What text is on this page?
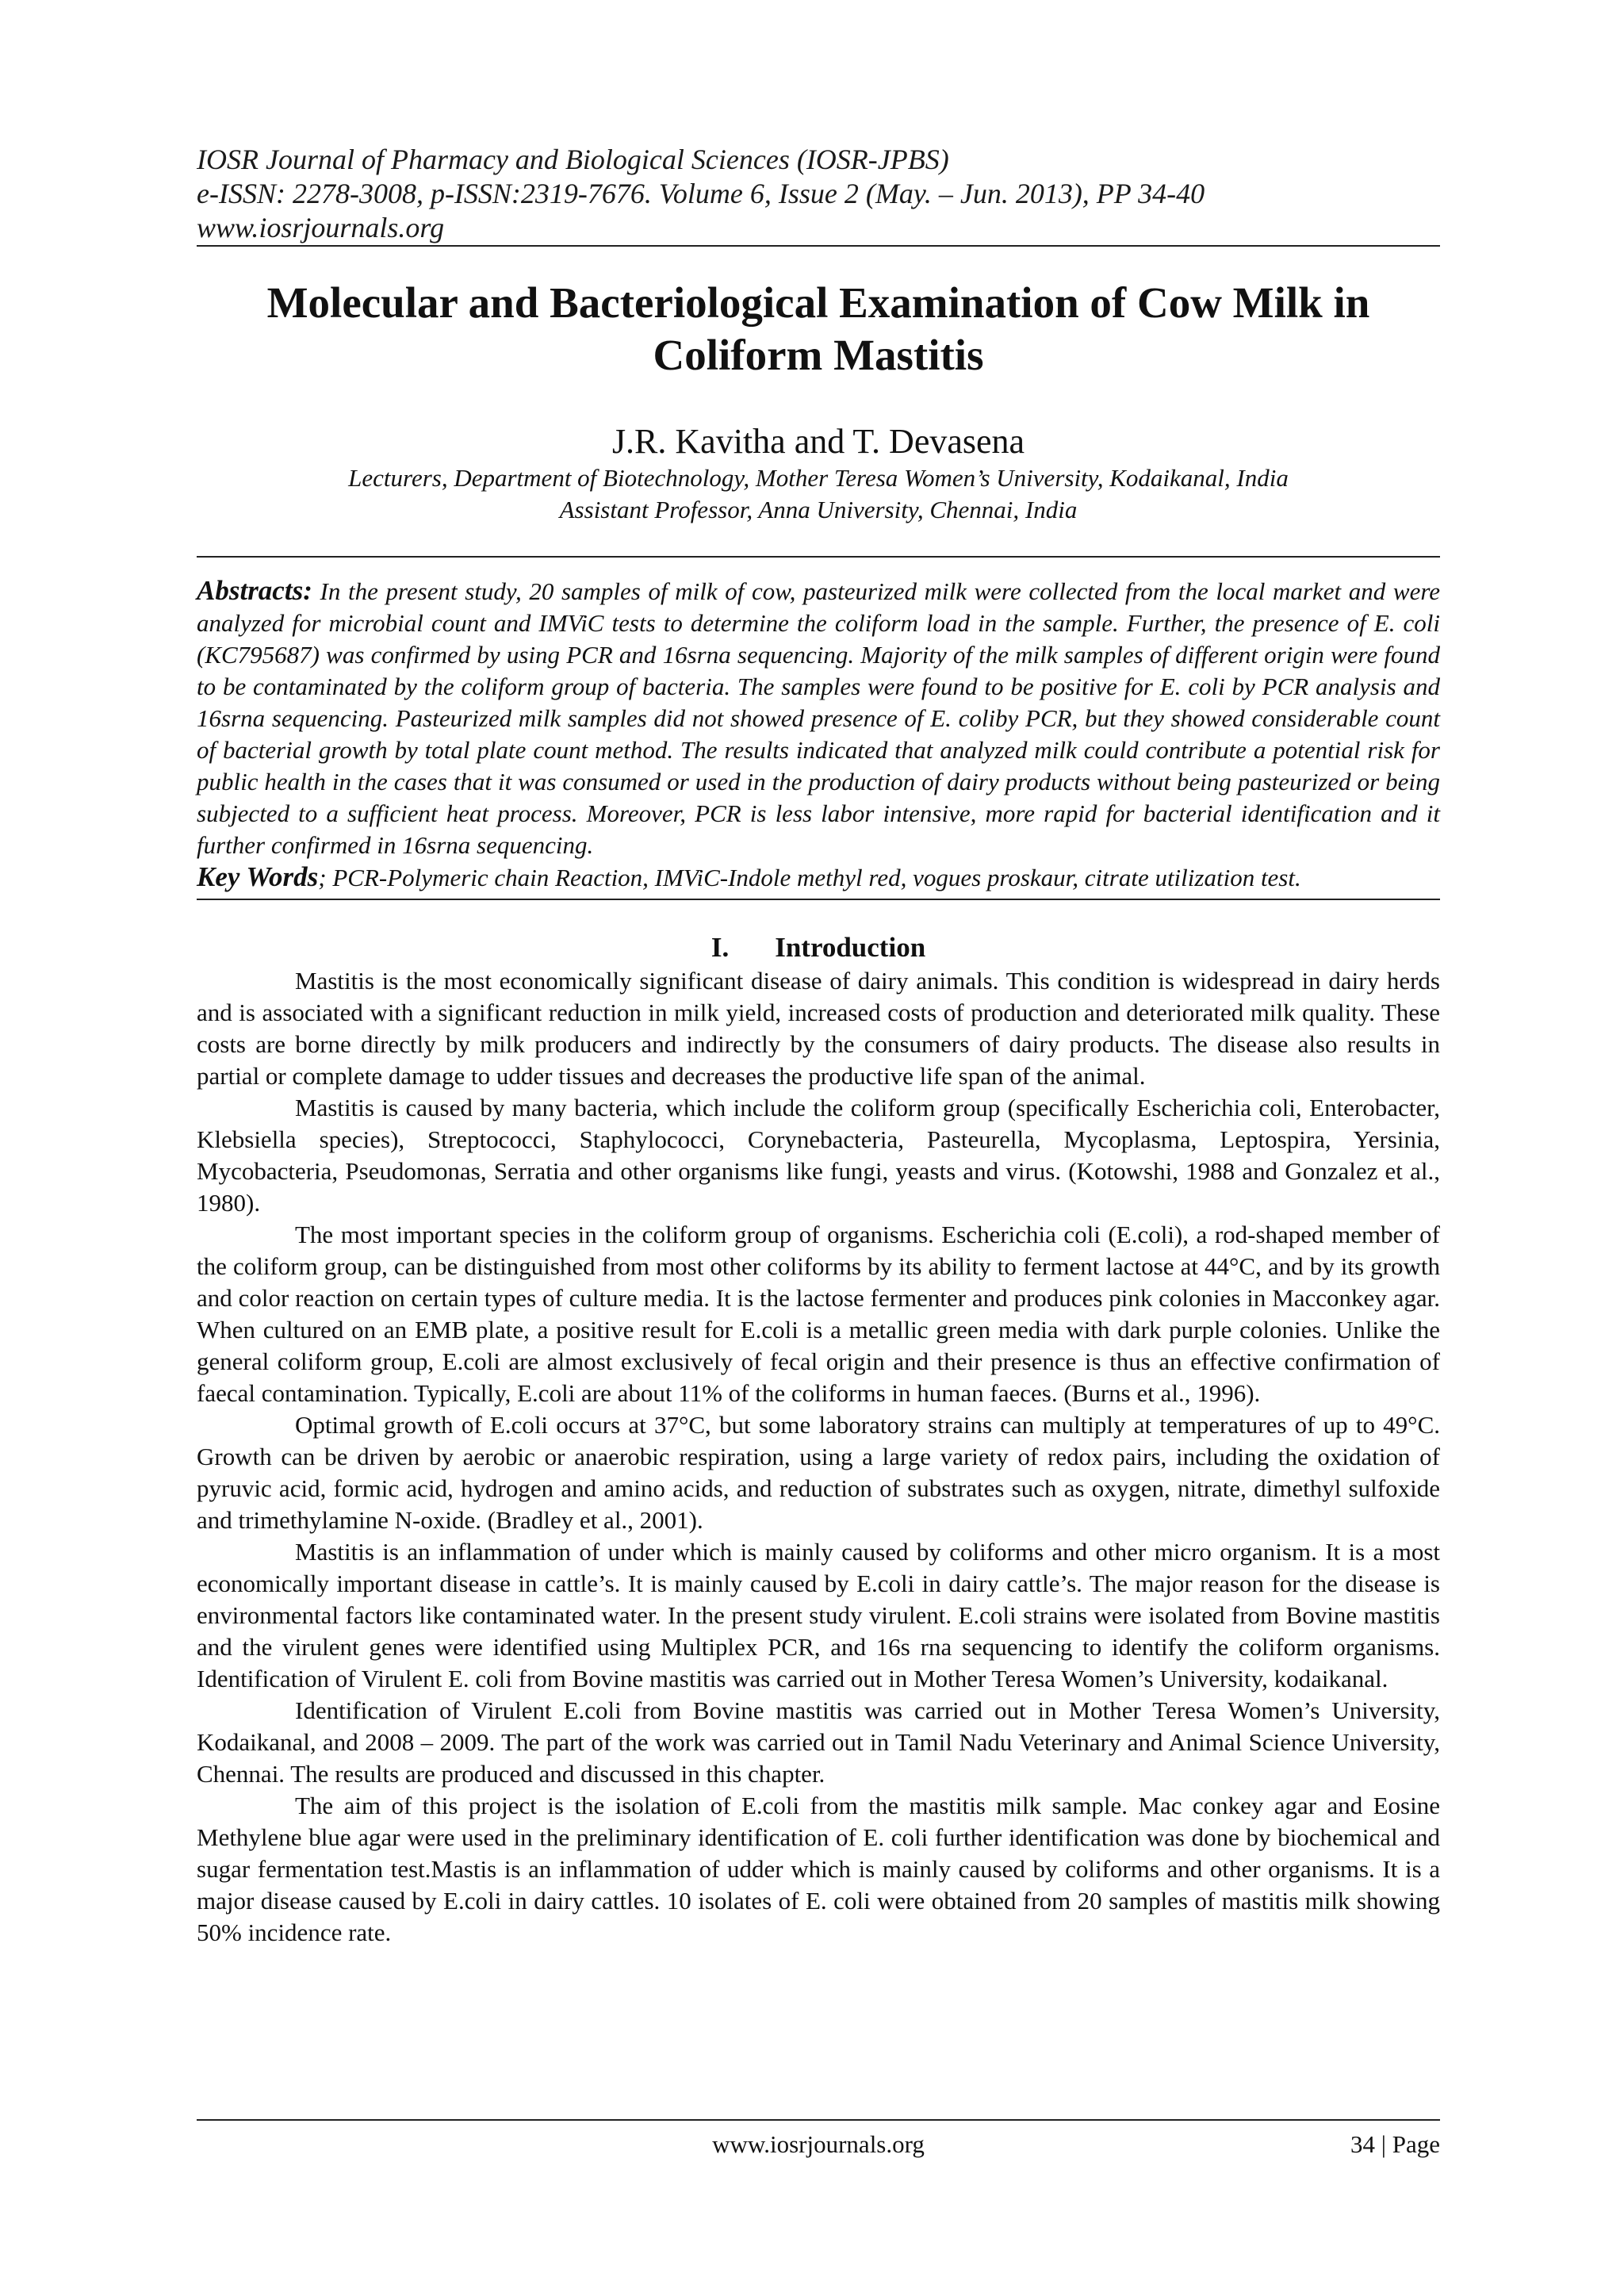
IOSR Journal of Pharmacy and Biological Sciences (IOSR-JPBS)
e-ISSN: 2278-3008, p-ISSN:2319-7676. Volume 6, Issue 2 (May. – Jun. 2013), PP 34-40
www.iosrjournals.org
Molecular and Bacteriological Examination of Cow Milk in Coliform Mastitis
J.R. Kavitha and T. Devasena
Lecturers, Department of Biotechnology, Mother Teresa Women’s University, Kodaikanal, India
Assistant Professor, Anna University, Chennai, India
Abstracts: In the present study, 20 samples of milk of cow, pasteurized milk were collected from the local market and were analyzed for microbial count and IMViC tests to determine the coliform load in the sample. Further, the presence of E. coli (KC795687) was confirmed by using PCR and 16srna sequencing. Majority of the milk samples of different origin were found to be contaminated by the coliform group of bacteria. The samples were found to be positive for E. coli by PCR analysis and 16srna sequencing. Pasteurized milk samples did not showed presence of E. coliby PCR, but they showed considerable count of bacterial growth by total plate count method. The results indicated that analyzed milk could contribute a potential risk for public health in the cases that it was consumed or used in the production of dairy products without being pasteurized or being subjected to a sufficient heat process. Moreover, PCR is less labor intensive, more rapid for bacterial identification and it further confirmed in 16srna sequencing.
Key Words; PCR-Polymeric chain Reaction, IMViC-Indole methyl red, vogues proskaur, citrate utilization test.
I. Introduction

Mastitis is the most economically significant disease of dairy animals. This condition is widespread in dairy herds and is associated with a significant reduction in milk yield, increased costs of production and deteriorated milk quality. These costs are borne directly by milk producers and indirectly by the consumers of dairy products. The disease also results in partial or complete damage to udder tissues and decreases the productive life span of the animal.

Mastitis is caused by many bacteria, which include the coliform group (specifically Escherichia coli, Enterobacter, Klebsiella species), Streptococci, Staphylococci, Corynebacteria, Pasteurella, Mycoplasma, Leptospira, Yersinia, Mycobacteria, Pseudomonas, Serratia and other organisms like fungi, yeasts and virus. (Kotowshi, 1988 and Gonzalez et al., 1980).

The most important species in the coliform group of organisms. Escherichia coli (E.coli), a rod-shaped member of the coliform group, can be distinguished from most other coliforms by its ability to ferment lactose at 44°C, and by its growth and color reaction on certain types of culture media. It is the lactose fermenter and produces pink colonies in Macconkey agar. When cultured on an EMB plate, a positive result for E.coli is a metallic green media with dark purple colonies. Unlike the general coliform group, E.coli are almost exclusively of fecal origin and their presence is thus an effective confirmation of faecal contamination. Typically, E.coli are about 11% of the coliforms in human faeces. (Burns et al., 1996).

Optimal growth of E.coli occurs at 37°C, but some laboratory strains can multiply at temperatures of up to 49°C. Growth can be driven by aerobic or anaerobic respiration, using a large variety of redox pairs, including the oxidation of pyruvic acid, formic acid, hydrogen and amino acids, and reduction of substrates such as oxygen, nitrate, dimethyl sulfoxide and trimethylamine N-oxide. (Bradley et al., 2001).

Mastitis is an inflammation of under which is mainly caused by coliforms and other micro organism. It is a most economically important disease in cattle’s. It is mainly caused by E.coli in dairy cattle’s. The major reason for the disease is environmental factors like contaminated water. In the present study virulent. E.coli strains were isolated from Bovine mastitis and the virulent genes were identified using Multiplex PCR, and 16s rna sequencing to identify the coliform organisms. Identification of Virulent E. coli from Bovine mastitis was carried out in Mother Teresa Women’s University, kodaikanal.

Identification of Virulent E.coli from Bovine mastitis was carried out in Mother Teresa Women’s University, Kodaikanal, and 2008 – 2009. The part of the work was carried out in Tamil Nadu Veterinary and Animal Science University, Chennai. The results are produced and discussed in this chapter.

The aim of this project is the isolation of E.coli from the mastitis milk sample. Mac conkey agar and Eosine Methylene blue agar were used in the preliminary identification of E. coli further identification was done by biochemical and sugar fermentation test.Mastis is an inflammation of udder which is mainly caused by coliforms and other organisms. It is a major disease caused by E.coli in dairy cattles. 10 isolates of E. coli were obtained from 20 samples of mastitis milk showing 50% incidence rate.

www.iosrjournals.org	34 | Page
